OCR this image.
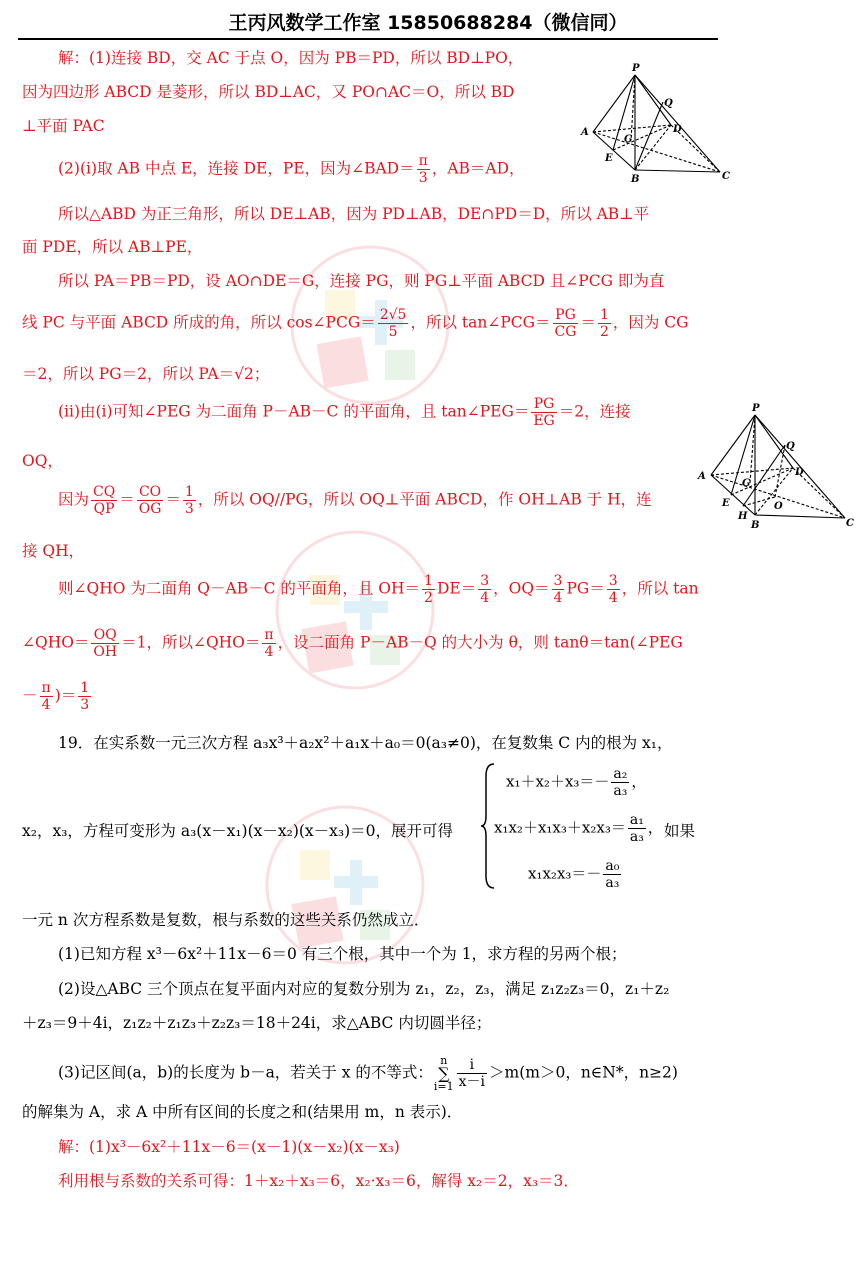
王丙风数学工作室 15850688284（微信同）
P
Q
A
G
D
E
B	C
P
Q
A
G
D
E
H
O
B	C
解：(1)连接 BD，交 AC 于点 O，因为 PB＝PD，所以 BD⊥PO，
因为四边形 ABCD 是菱形，所以 BD⊥AC，又 PO∩AC＝O，所以 BD
⊥平面 PAC
(2)(i)取 AB 中点 E，连接 DE，PE，因为∠BAD＝ $\frac{\pi}{3}$ ，AB＝AD，
所以△ABD 为正三角形，所以 DE⊥AB，因为 PD⊥AB，DE∩PD＝D，所以 AB⊥平
面 PDE，所以 AB⊥PE，
所以 PA＝PB＝PD，设 AO∩DE＝G，连接 PG，则 PG⊥平面 ABCD 且∠PCG 即为直
线 PC 与平面 ABCD 所成的角，所以 cos∠PCG＝ $\frac{2√5}{5}$ ，所以 tan∠PCG＝ $\frac{PG}{CG} = \frac{1}{2}$ ，因为 CG
＝2，所以 PG＝2，所以 PA＝√2；
(ii)由(i)可知∠PEG 为二面角 P－AB－C 的平面角，且 tan∠PEG＝ $\frac{PG}{EG} =2$，连接
OQ，
因为 $\frac{CQ}{QP} = \frac{CO}{OG} = \frac{1}{3}$ ，所以 OQ//PG，所以 OQ⊥平面 ABCD，作 OH⊥AB 于 H，连
接 QH，
则∠QHO 为二面角 Q－AB－C 的平面角，且 $OH= \frac{1}{2} DE= \frac{3}{4}$ ，$OQ= \frac{3}{4} PG= \frac{3}{4}$ ，所以 tan
∠QHO＝ $\frac{OQ}{OH} =1$，所以∠QHO＝ $\frac{\pi}{4}$ ，设二面角 P－AB－Q 的大小为 θ，则 tanθ＝tan(∠PEG
－ $\frac{\pi}{4}$ )＝ $\frac{1}{3}$
19．在实系数一元三次方程 a₃x³＋a₂x²＋a₁x＋a₀＝0(a₃≠0)，在复数集 C 内的根为 x₁，
x₂，x₃，方程可变形为 a₃(x－x₁)(x－x₂)(x－x₃)＝0，展开可得	如果
$x_1+x_2+x_3=- \frac{\text{a₂}}{\text{a₃}}$ ，
$x_1x_2+x_1x_3+x_2x_3= \frac{\text{a₁}}{\text{a₃}}$ ，
$x_1x_2x_3=- \frac{\text{a₀}}{\text{a₃}}$
一元 n 次方程系数是复数，根与系数的这些关系仍然成立．
(1)已知方程 x³－6x²＋11x－6＝0 有三个根，其中一个为 1，求方程的另两个根；
(2)设△ABC 三个顶点在复平面内对应的复数分别为 z₁，z₂，z₃，满足 z₁z₂z₃＝0，z₁＋z₂
＋z₃＝9＋4i，z₁z₂＋z₁z₃＋z₂z₃＝18＋24i，求△ABC 内切圆半径；
(3)记区间(a，b)的长度为 b－a，若关于 x 的不等式：
n
∑
$i=1 \frac{i}{x-i} >m(m>0$，n∈N*，n≥2)
的解集为 A，求 A 中所有区间的长度之和(结果用 m，n 表示)．
解：(1)x³－6x²＋11x－6＝(x－1)(x－x₂)(x－x₃)
利用根与系数的关系可得：1＋x₂＋x₃＝6，x₂·x₃＝6，解得 x₂＝2，x₃＝3．
